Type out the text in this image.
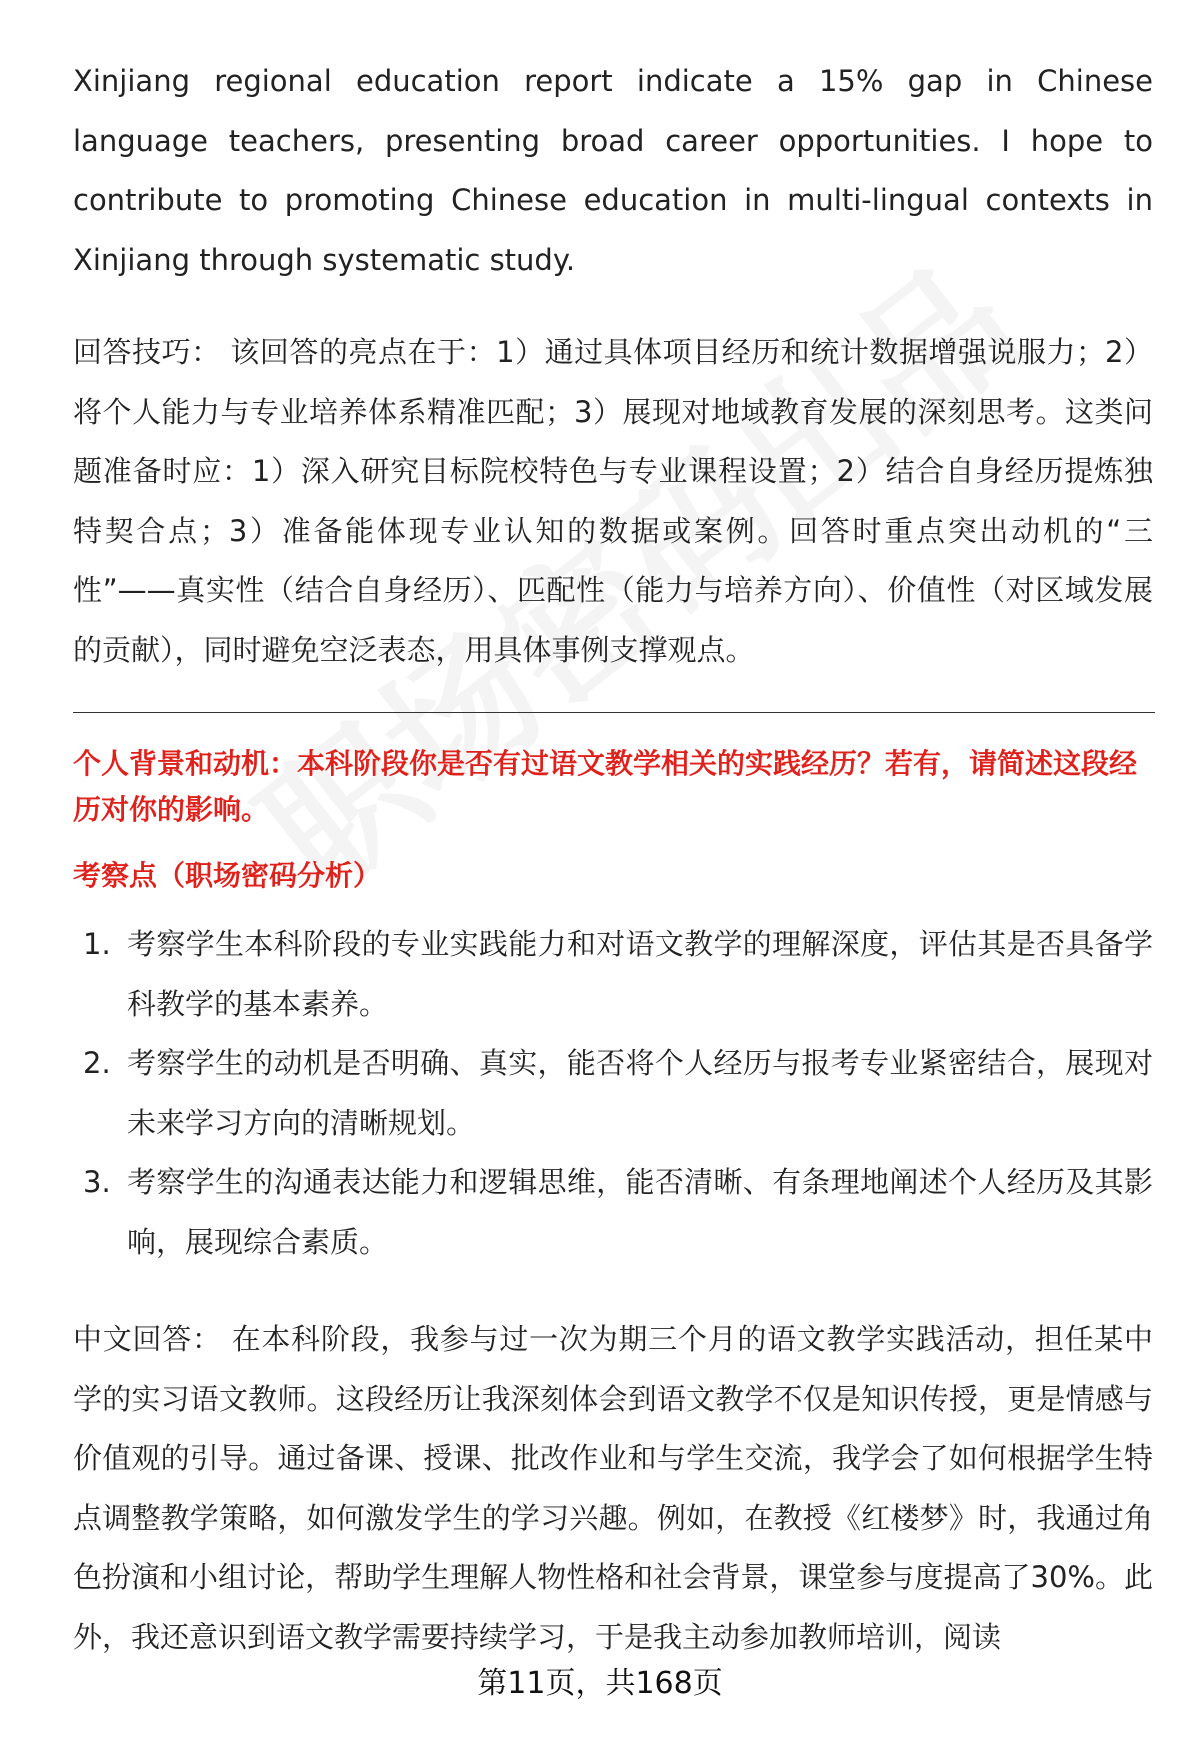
Xinjiang regional education report indicate a 15% gap in Chinese language teachers, presenting broad career opportunities. I hope to contribute to promoting Chinese education in multi-lingual contexts in Xinjiang through systematic study.

回答技巧： 该回答的亮点在于：1）通过具体项目经历和统计数据增强说服力；2）将个人能力与专业培养体系精准匹配；3）展现对地域教育发展的深刻思考。这类问题准备时应：1）深入研究目标院校特色与专业课程设置；2）结合自身经历提炼独特契合点；3）准备能体现专业认知的数据或案例。回答时重点突出动机的“三性”——真实性（结合自身经历）、匹配性（能力与培养方向）、价值性（对区域发展的贡献），同时避免空泛表态，用具体事例支撑观点。

个人背景和动机：本科阶段你是否有过语文教学相关的实践经历？若有，请简述这段经历对你的影响。

考察点（职场密码分析）

1. 考察学生本科阶段的专业实践能力和对语文教学的理解深度，评估其是否具备学科教学的基本素养。
2. 考察学生的动机是否明确、真实，能否将个人经历与报考专业紧密结合，展现对未来学习方向的清晰规划。
3. 考察学生的沟通表达能力和逻辑思维，能否清晰、有条理地阐述个人经历及其影响，展现综合素质。

中文回答： 在本科阶段，我参与过一次为期三个月的语文教学实践活动，担任某中学的实习语文教师。这段经历让我深刻体会到语文教学不仅是知识传授，更是情感与价值观的引导。通过备课、授课、批改作业和与学生交流，我学会了如何根据学生特点调整教学策略，如何激发学生的学习兴趣。例如，在教授《红楼梦》时，我通过角色扮演和小组讨论，帮助学生理解人物性格和社会背景，课堂参与度提高了30%。此外，我还意识到语文教学需要持续学习，于是我主动参加教师培训，阅读

第11页，共168页
